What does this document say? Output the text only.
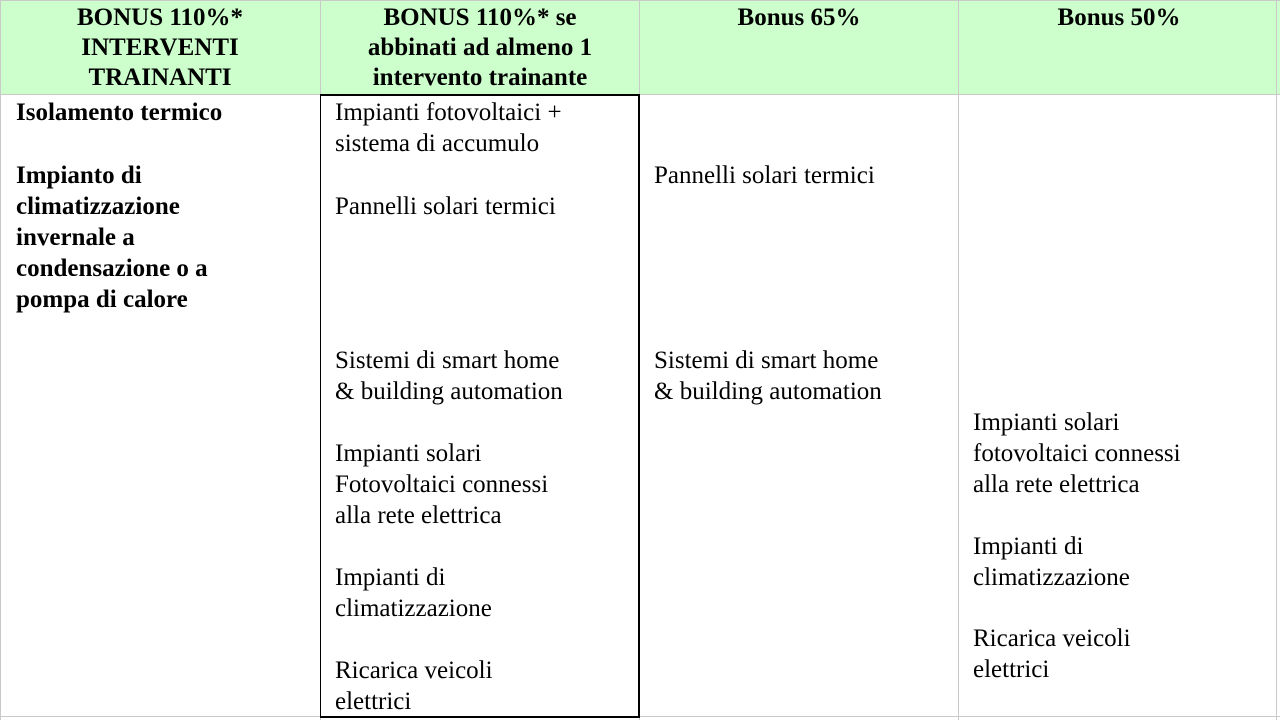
BONUS 110%*
INTERVENTI
TRAINANTI
Isolamento termico
Impianto di
climatizzazione
invernale a
condensazione o a
pompa di calore
BONUS 110%* se
abbinati ad almeno 1
intervento trainante
Impianti fotovoltaici +
sistema di accumulo
Pannelli solari termici
Sistemi di smart home
& building automation
Impianti solari
Fotovoltaici connessi
alla rete elettrica
Impianti di
climatizzazione
Ricarica veicoli
elettrici
Bonus 65%
Pannelli solari termici
Sistemi di smart home
& building automation
Bonus 50%
Impianti solari
fotovoltaici connessi
alla rete elettrica
Impianti di
climatizzazione
Ricarica veicoli
elettrici
